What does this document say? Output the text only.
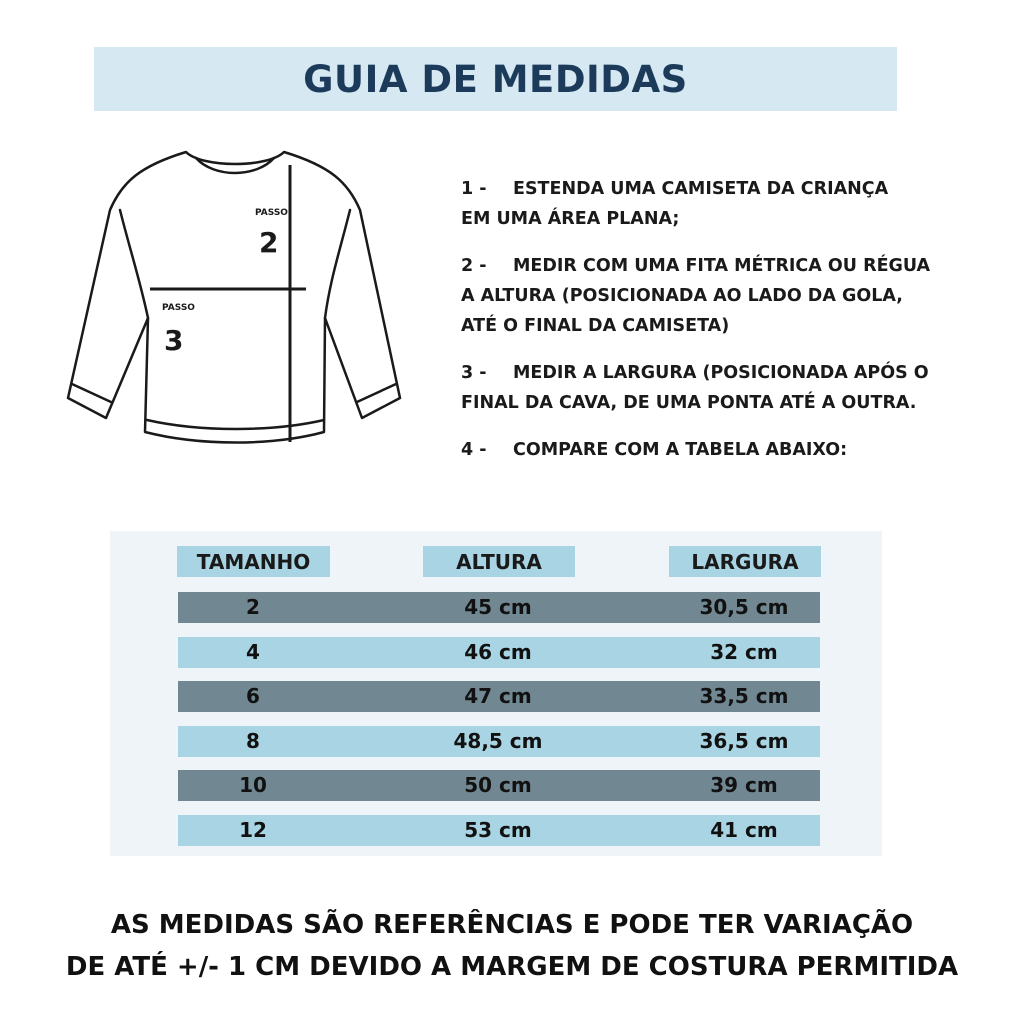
GUIA DE MEDIDAS
PASSO
2
PASSO
3
1 - ESTENDA UMA CAMISETA DA CRIANÇA
EM UMA ÁREA PLANA;
2 - MEDIR COM UMA FITA MÉTRICA OU RÉGUA
A ALTURA (POSICIONADA AO LADO DA GOLA,
ATÉ O FINAL DA CAMISETA)
3 - MEDIR A LARGURA (POSICIONADA APÓS O
FINAL DA CAVA, DE UMA PONTA ATÉ A OUTRA.
4 - COMPARE COM A TABELA ABAIXO:
TAMANHO	ALTURA	LARGURA
2	45 cm	30,5 cm
4	46 cm	32 cm
6	47 cm	33,5 cm
8	48,5 cm	36,5 cm
10	50 cm	39 cm
12	53 cm	41 cm
AS MEDIDAS SÃO REFERÊNCIAS E PODE TER VARIAÇÃO
DE ATÉ +/- 1 CM DEVIDO A MARGEM DE COSTURA PERMITIDA
